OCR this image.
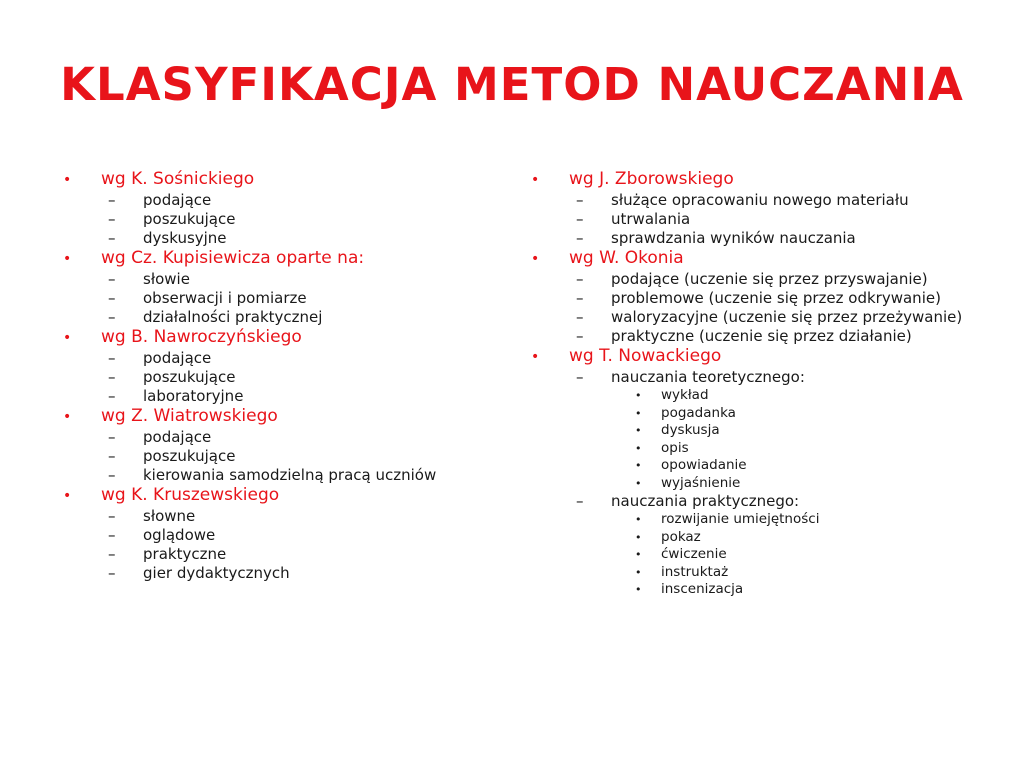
KLASYFIKACJA METOD NAUCZANIA
•	wg K. Sośnickiego
–	podające
–	poszukujące
–	dyskusyjne
•	wg Cz. Kupisiewicza oparte na:
–	słowie
–	obserwacji i pomiarze
–	działalności praktycznej
•	wg B. Nawroczyńskiego
–	podające
–	poszukujące
–	laboratoryjne
•	wg Z. Wiatrowskiego
–	podające
–	poszukujące
–	kierowania samodzielną pracą uczniów
•	wg K. Kruszewskiego
–	słowne
–	oglądowe
–	praktyczne
–	gier dydaktycznych
•	wg J. Zborowskiego
–	służące opracowaniu nowego materiału
–	utrwalania
–	sprawdzania wyników nauczania
•	wg W. Okonia
–	podające (uczenie się przez przyswajanie)
–	problemowe (uczenie się przez odkrywanie)
–	waloryzacyjne (uczenie się przez przeżywanie)
–	praktyczne (uczenie się przez działanie)
•	wg T. Nowackiego
–	nauczania teoretycznego:
•	wykład
•	pogadanka
•	dyskusja
•	opis
•	opowiadanie
•	wyjaśnienie
–	nauczania praktycznego:
•	rozwijanie umiejętności
•	pokaz
•	ćwiczenie
•	instruktaż
•	inscenizacja
